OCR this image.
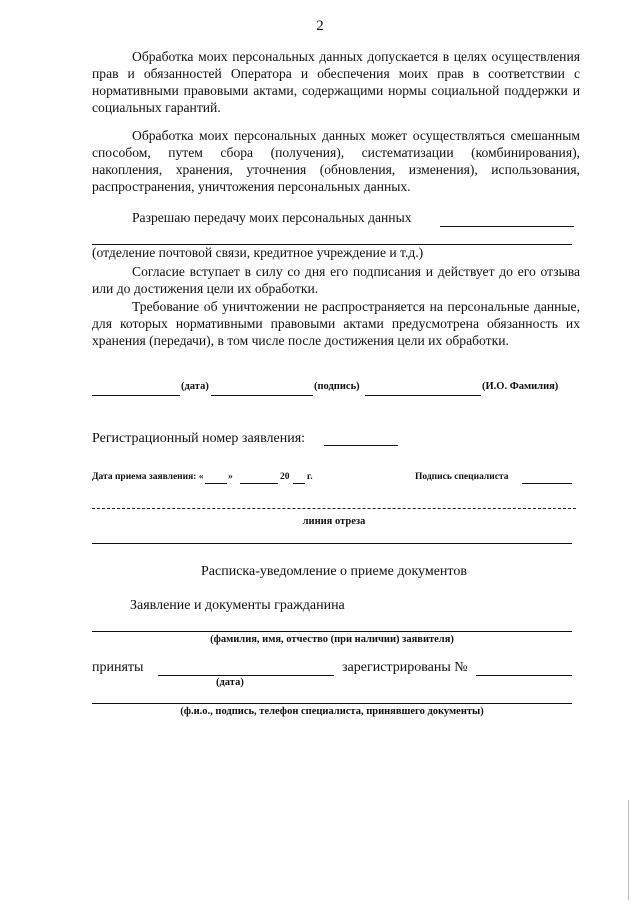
2

Обработка моих персональных данных допускается в целях осуществления прав и обязанностей Оператора и обеспечения моих прав в соответствии с нормативными правовыми актами, содержащими нормы социальной поддержки и социальных гарантий.

Обработка моих персональных данных может осуществляться смешанным способом, путем сбора (получения), систематизации (комбинирования), накопления, хранения, уточнения (обновления, изменения), использования, распространения, уничтожения персональных данных.

Разрешаю передачу моих персональных данных
(отделение почтовой связи, кредитное учреждение и т.д.)

Согласие вступает в силу со дня его подписания и действует до его отзыва или до достижения цели их обработки.

Требование об уничтожении не распространяется на персональные данные, для которых нормативными правовыми актами предусмотрена обязанность их хранения (передачи), в том числе после достижения цели их обработки.

(дата)	(подпись)	(И.О. Фамилия)
Регистрационный номер заявления:
Дата приема заявления: «	»	20 г.	Подпись специалиста
линия отреза
Расписка-уведомление о приеме документов
Заявление и документы гражданина
(фамилия, имя, отчество (при наличии) заявителя)
приняты
(дата)
зарегистрированы №
(ф.и.о., подпись, телефон специалиста, принявшего документы)
